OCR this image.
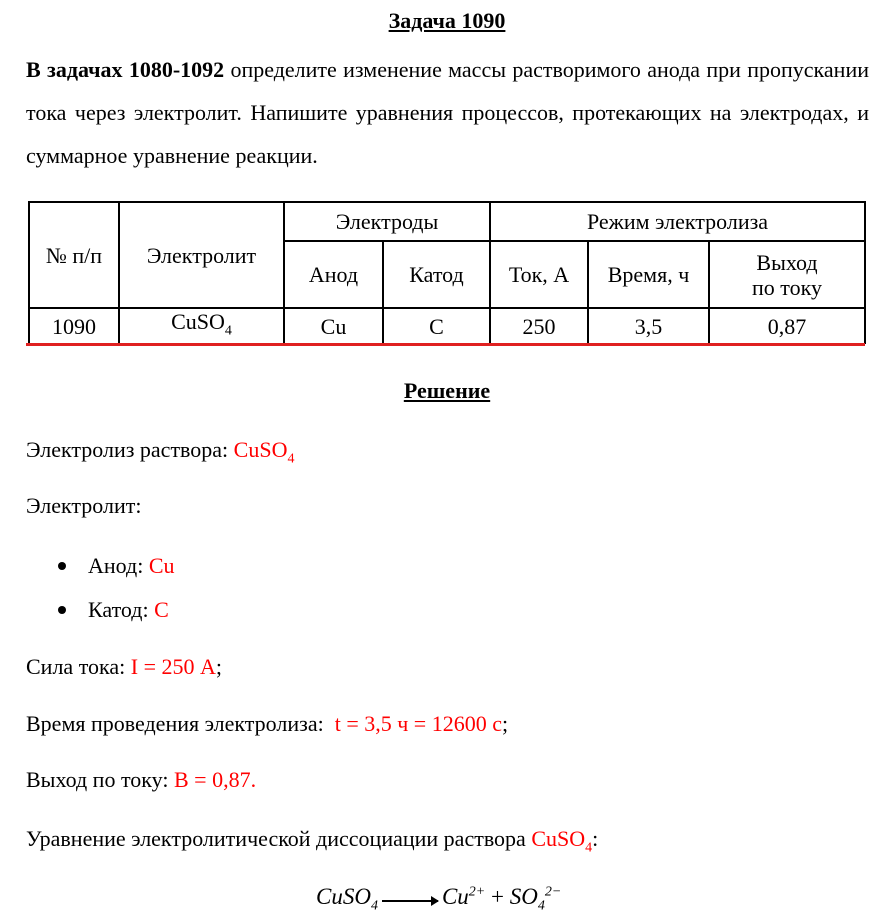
Задача 1090
В задачах 1080-1092 определите изменение массы растворимого анода при пропускании тока через электролит. Напишите уравнения процессов, протекающих на электродах, и суммарное уравнение реакции.
№ п/п	Электролит	Электроды		Режим электролиза		
		Анод	Катод	Ток, А	Время, ч	Выход
по току
1090	CuSO$_4$	Cu	C	250	3,5	0,87
Решение
Электролиз раствора: CuSO$_4$
Электролит:
Анод: Cu
Катод: C
Сила тока: I = 250 А;
Время проведения электролиза:  t = 3,5 ч = 12600 с;
Выход по току: В = 0,87.
Уравнение электролитической диссоциации раствора CuSO$_4$:
CuSO$_4$ → $Cu^{2+} + SO_4^{2-}$
